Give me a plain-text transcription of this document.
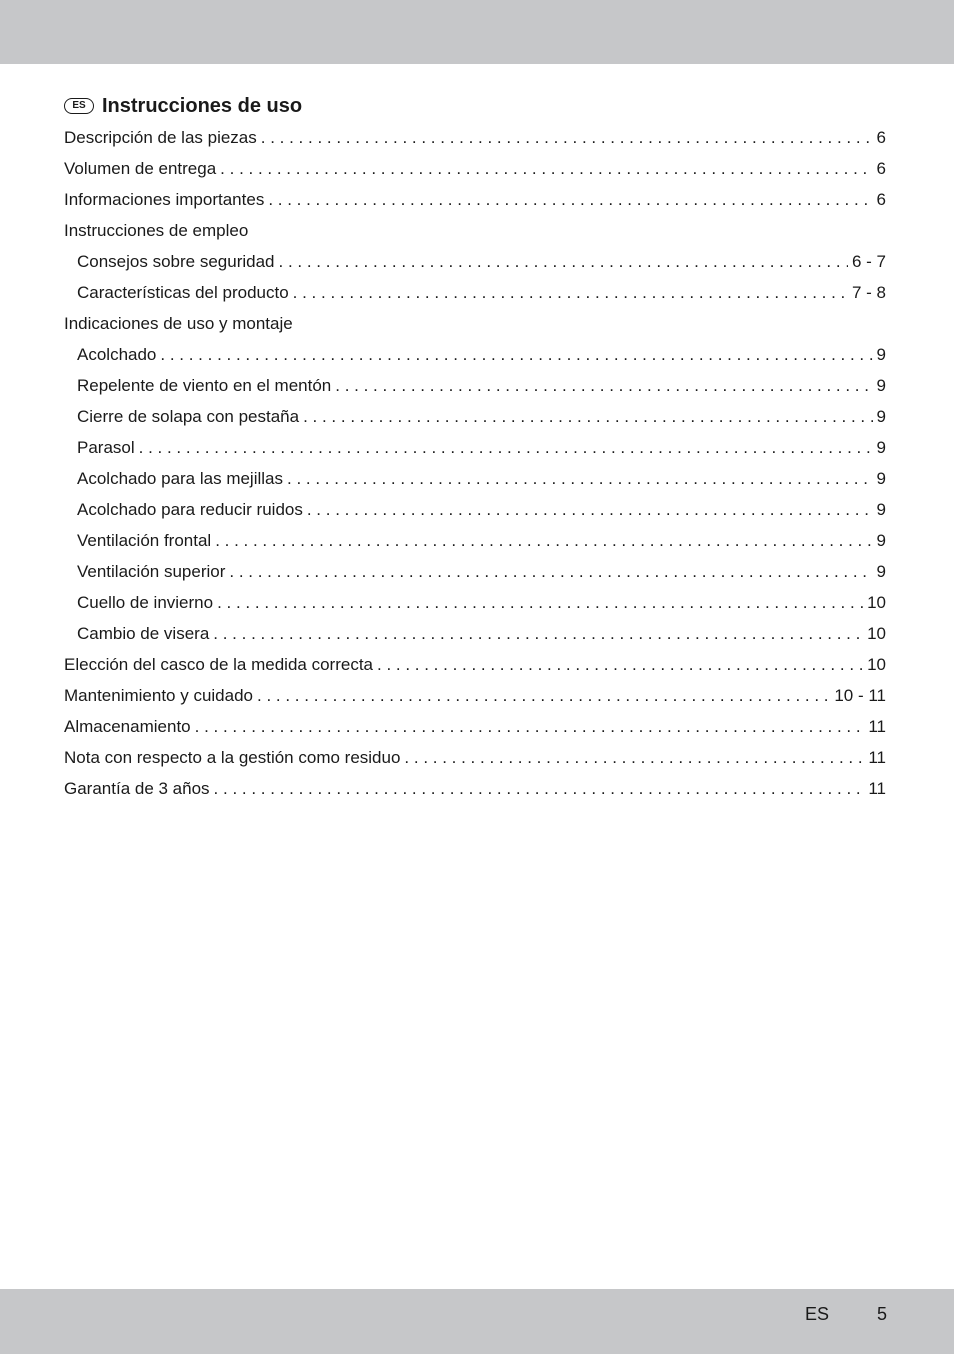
ES Instrucciones de uso
Descripción de las piezas . . .	6
Volumen de entrega . . .	6
Informaciones importantes . . .	6
Instrucciones de empleo
Consejos sobre seguridad . . .	6 - 7
Características del producto . . .	7 - 8
Indicaciones de uso y montaje
Acolchado . . .	9
Repelente de viento en el mentón . . .	9
Cierre de solapa con pestaña . . .	9
Parasol . . .	9
Acolchado para las mejillas . . .	9
Acolchado para reducir ruidos . . .	9
Ventilación frontal . . .	9
Ventilación superior . . .	9
Cuello de invierno . . .	10
Cambio de visera . . .	10
Elección del casco de la medida correcta . . .	10
Mantenimiento y cuidado . . .	10 - 11
Almacenamiento . . .	11
Nota con respecto a la gestión como residuo . . .	11
Garantía de 3 años . . .	11
ES	5
